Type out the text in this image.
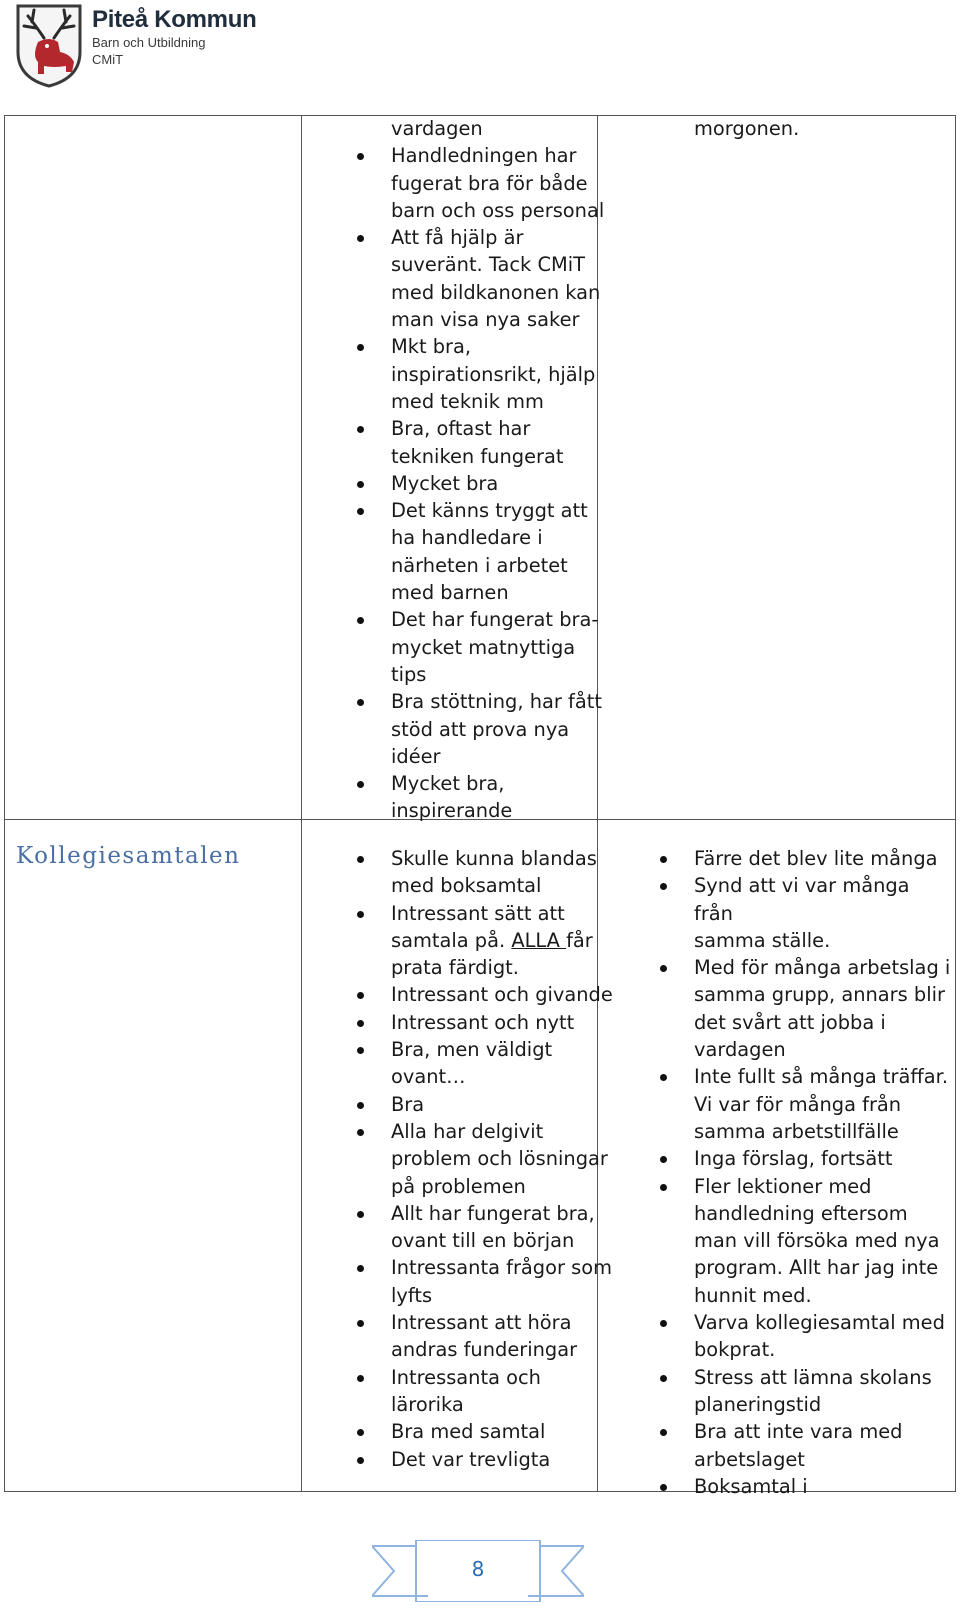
Piteå Kommun
Barn och Utbildning
CMiT
vardagen
Handledningen har
fugerat bra för både
barn och oss personal
Att få hjälp är
suveränt. Tack CMiT
med bildkanonen kan
man visa nya saker
Mkt bra,
inspirationsrikt, hjälp
med teknik mm
Bra, oftast har
tekniken fungerat
Mycket bra
Det känns tryggt att
ha handledare i
närheten i arbetet
med barnen
Det har fungerat bra-
mycket matnyttiga
tips
Bra stöttning, har fått
stöd att prova nya
idéer
Mycket bra,
inspirerande
morgonen.
Kollegiesamtalen	Skulle kunna blandas
med boksamtal
Intressant sätt att
samtala på. ALLA får
prata färdigt.
Intressant och givande
Intressant och nytt
Bra, men väldigt
ovant…
Bra
Alla har delgivit
problem och lösningar
på problemen
Allt har fungerat bra,
ovant till en början
Intressanta frågor som
lyfts
Intressant att höra
andras funderingar
Intressanta och
lärorika
Bra med samtal
Det var trevligta
Färre det blev lite många
Synd att vi var många från
samma ställe.
Med för många arbetslag i
samma grupp, annars blir
det svårt att jobba i
vardagen
Inte fullt så många träffar.
Vi var för många från
samma arbetstillfälle
Inga förslag, fortsätt
Fler lektioner med
handledning eftersom
man vill försöka med nya
program. Allt har jag inte
hunnit med.
Varva kollegiesamtal med
bokprat.
Stress att lämna skolans
planeringstid
Bra att inte vara med
arbetslaget
Boksamtal i
8
